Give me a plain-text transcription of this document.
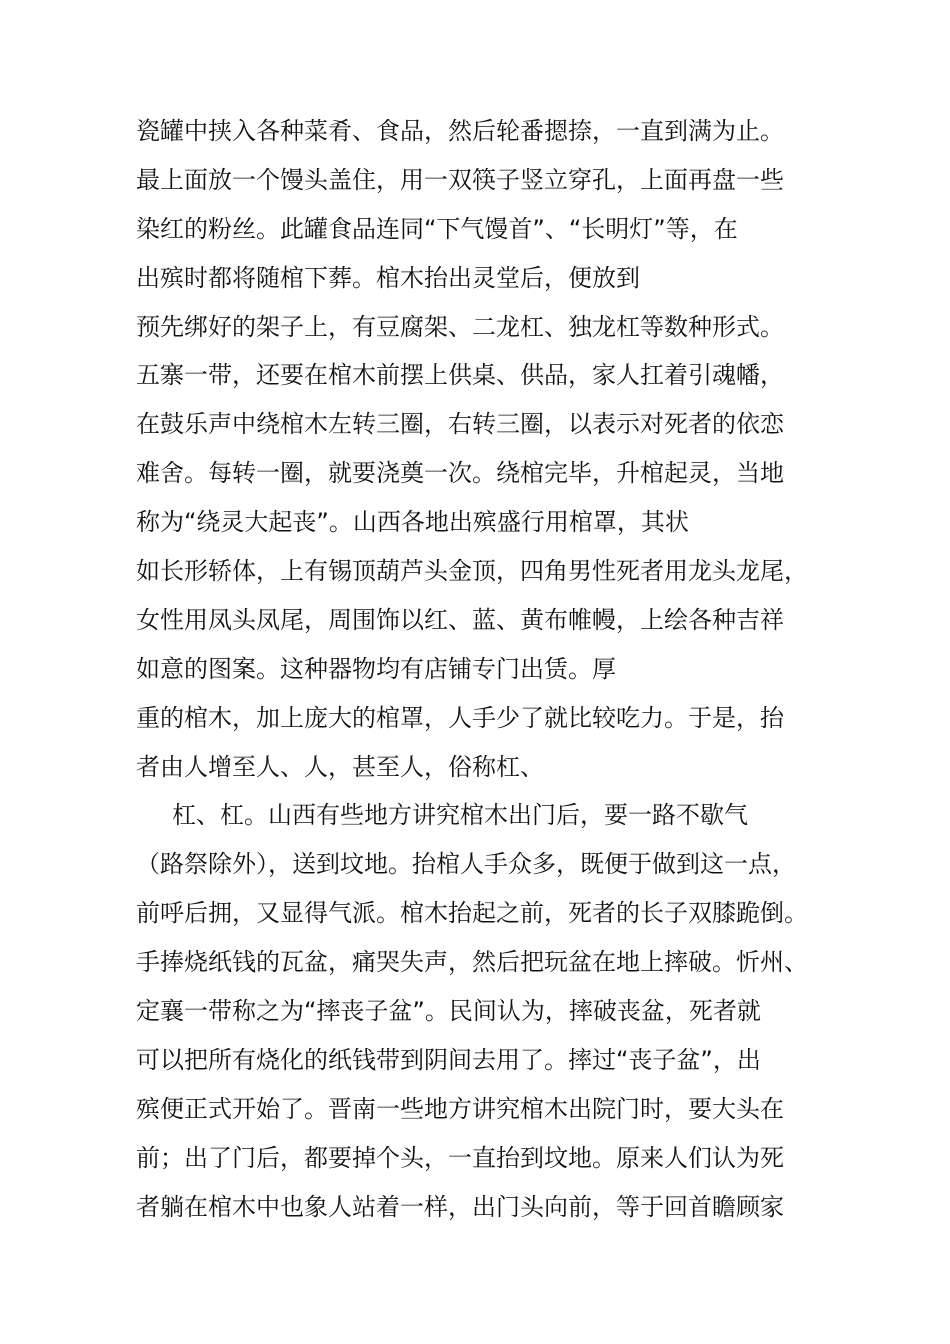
瓷罐中挟入各种菜肴、食品，然后轮番摁捺，一直到满为止。
最上面放一个馒头盖住，用一双筷子竖立穿孔，上面再盘一些
染红的粉丝。此罐食品连同“下气馒首”、“长明灯”等，在
出殡时都将随棺下葬。棺木抬出灵堂后，便放到
预先绑好的架子上，有豆腐架、二龙杠、独龙杠等数种形式。
五寨一带，还要在棺木前摆上供桌、供品，家人扛着引魂幡，
在鼓乐声中绕棺木左转三圈，右转三圈，以表示对死者的依恋
难舍。每转一圈，就要浇奠一次。绕棺完毕，升棺起灵，当地
称为“绕灵大起丧”。山西各地出殡盛行用棺罩，其状
如长形轿体，上有锡顶葫芦头金顶，四角男性死者用龙头龙尾，
女性用凤头凤尾，周围饰以红、蓝、黄布帷幔，上绘各种吉祥
如意的图案。这种器物均有店铺专门出赁。厚
重的棺木，加上庞大的棺罩，人手少了就比较吃力。于是，抬
者由人增至人、人，甚至人，俗称杠、
杠、杠。山西有些地方讲究棺木出门后，要一路不歇气
（路祭除外），送到坟地。抬棺人手众多，既便于做到这一点，
前呼后拥，又显得气派。棺木抬起之前，死者的长子双膝跪倒。
手捧烧纸钱的瓦盆，痛哭失声，然后把玩盆在地上摔破。忻州、
定襄一带称之为“摔丧子盆”。民间认为，摔破丧盆，死者就
可以把所有烧化的纸钱带到阴间去用了。摔过“丧子盆”，出
殡便正式开始了。晋南一些地方讲究棺木出院门时，要大头在
前；出了门后，都要掉个头，一直抬到坟地。原来人们认为死
者躺在棺木中也象人站着一样，出门头向前，等于回首瞻顾家
